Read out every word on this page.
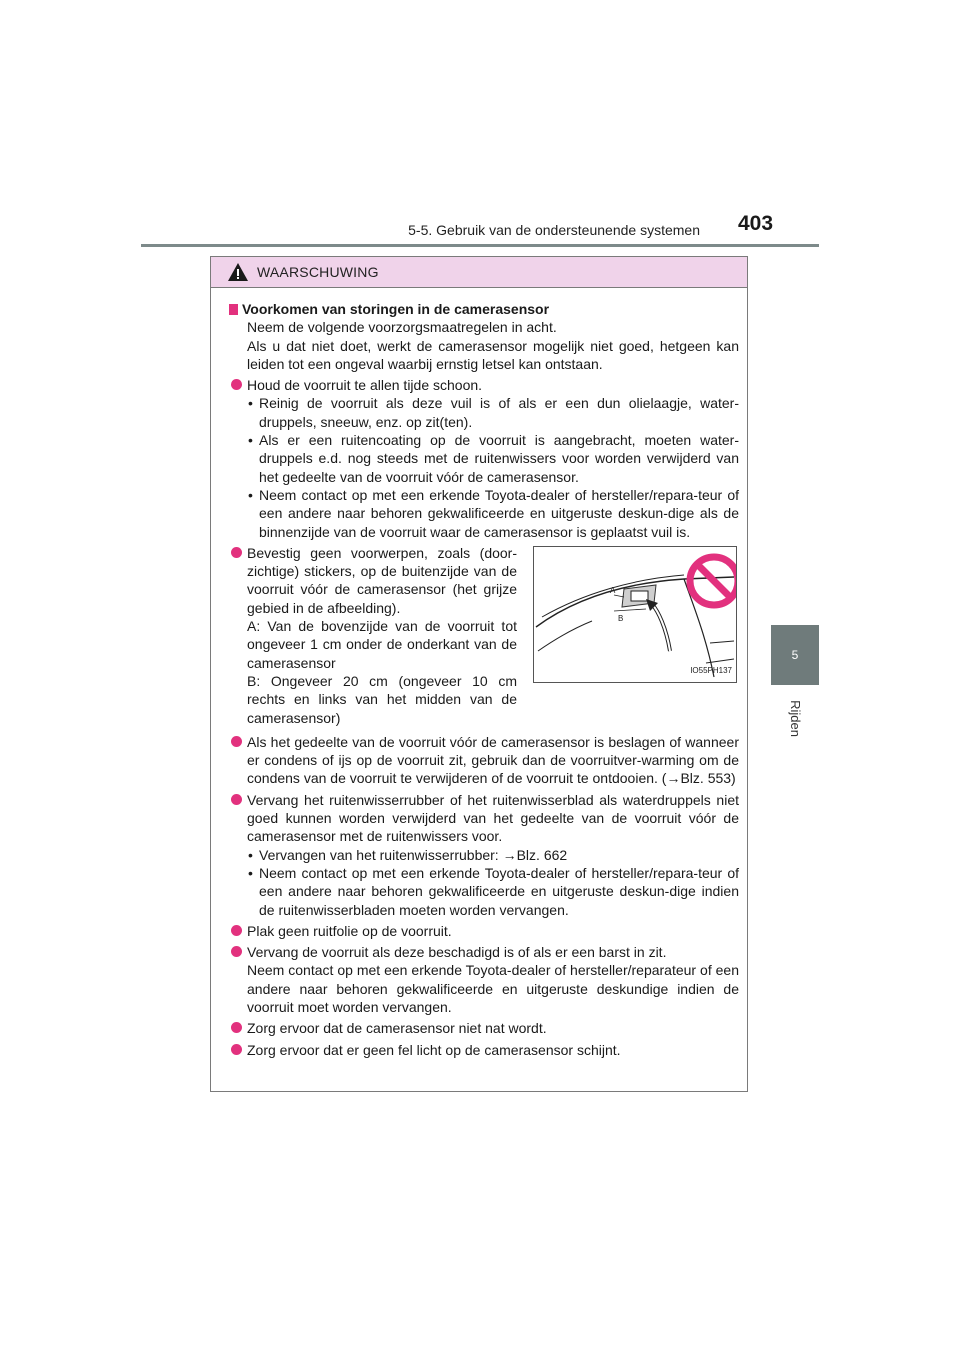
5-5. Gebruik van de ondersteunende systemen 403
5
Rijden
WAARSCHUWING

Voorkomen van storingen in de camerasensor

Neem de volgende voorzorgsmaatregelen in acht.

Als u dat niet doet, werkt de camerasensor mogelijk niet goed, hetgeen kan leiden tot een ongeval waarbij ernstig letsel kan ontstaan.

Houd de voorruit te allen tijde schoon.

• Reinig de voorruit als deze vuil is of als er een dun olielaagje, water-druppels, sneeuw, enz. op zit(ten).

• Als er een ruitencoating op de voorruit is aangebracht, moeten water-druppels e.d. nog steeds met de ruitenwissers voor worden verwijderd van het gedeelte van de voorruit vóór de camerasensor.

• Neem contact op met een erkende Toyota-dealer of hersteller/repara-teur of een andere naar behoren gekwalificeerde en uitgeruste deskun-dige als de binnenzijde van de voorruit waar de camerasensor is geplaatst vuil is.

Bevestig geen voorwerpen, zoals (door-zichtige) stickers, op de buitenzijde van de voorruit vóór de camerasensor (het grijze gebied in de afbeelding).

A: Van de bovenzijde van de voorruit tot ongeveer 1 cm onder de onderkant van de camerasensor

B: Ongeveer 20 cm (ongeveer 10 cm rechts en links van het midden van de camerasensor)

A
B
IO55PH137

Als het gedeelte van de voorruit vóór de camerasensor is beslagen of wanneer er condens of ijs op de voorruit zit, gebruik dan de voorruitver-warming om de condens van de voorruit te verwijderen of de voorruit te ontdooien. (→Blz. 553)

Vervang het ruitenwisserrubber of het ruitenwisserblad als waterdruppels niet goed kunnen worden verwijderd van het gedeelte van de voorruit vóór de camerasensor met de ruitenwissers voor.

• Vervangen van het ruitenwisserrubber: →Blz. 662

• Neem contact op met een erkende Toyota-dealer of hersteller/repara-teur of een andere naar behoren gekwalificeerde en uitgeruste deskun-dige indien de ruitenwisserbladen moeten worden vervangen.

Plak geen ruitfolie op de voorruit.

Vervang de voorruit als deze beschadigd is of als er een barst in zit.

Neem contact op met een erkende Toyota-dealer of hersteller/reparateur of een andere naar behoren gekwalificeerde en uitgeruste deskundige indien de voorruit moet worden vervangen.

Zorg ervoor dat de camerasensor niet nat wordt.

Zorg ervoor dat er geen fel licht op de camerasensor schijnt.
